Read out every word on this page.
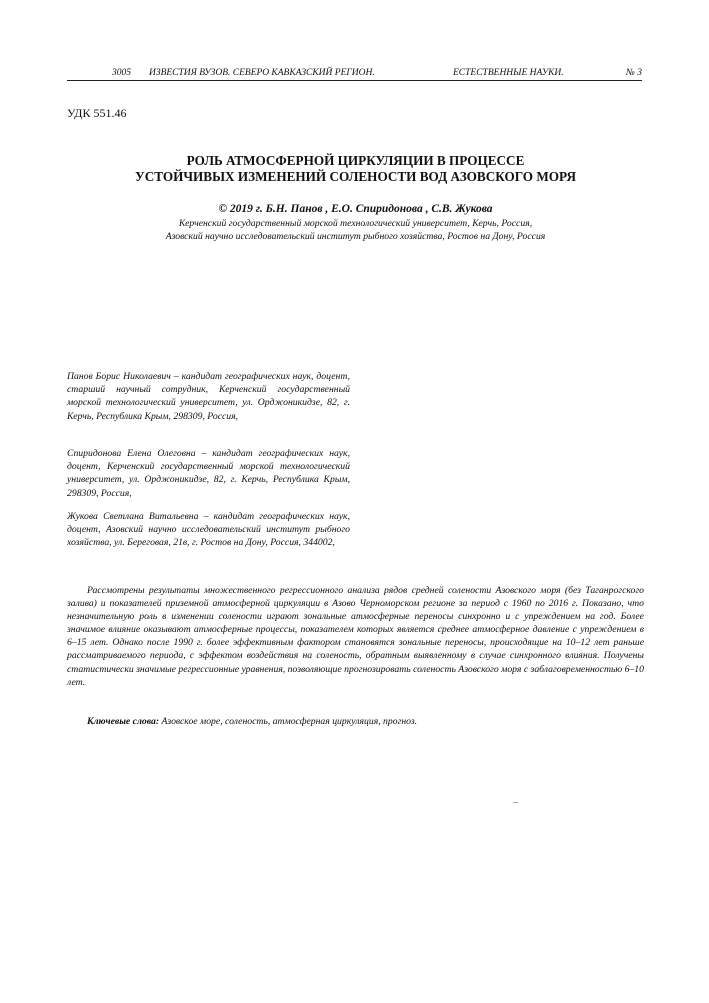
3005 ИЗВЕСТИЯ ВУЗОВ. СЕВЕРО КАВКАЗСКИЙ РЕГИОН.	ЕСТЕСТВЕННЫЕ НАУКИ.	№ 3
УДК 551.46
РОЛЬ АТМОСФЕРНОЙ ЦИРКУЛЯЦИИ В ПРОЦЕССЕ
УСТОЙЧИВЫХ ИЗМЕНЕНИЙ СОЛЕНОСТИ ВОД АЗОВСКОГО МОРЯ
© 2019 г. Б.Н. Панов , Е.О. Спиридонова , С.В. Жукова
Керченский государственный морской технологический университет, Керчь, Россия,
Азовский научно исследовательский институт рыбного хозяйства, Ростов на Дону, Россия
Панов Борис Николаевич – кандидат географических наук, доцент, старший научный сотрудник, Керченский государственный морской технологический университет, ул. Орджоникидзе, 82, г. Керчь, Республика Крым, 298309, Россия,
Спиридонова Елена Олеговна – кандидат географических наук, доцент, Керченский государственный морской технологический университет, ул. Орджоникидзе, 82, г. Керчь, Республика Крым, 298309, Россия,
Жукова Светлана Витальевна – кандидат географических наук, доцент, Азовский научно исследовательский институт рыбного хозяйства, ул. Береговая, 21в, г. Ростов на Дону, Россия, 344002,
Рассмотрены результаты множественного регрессионного анализа рядов средней солености Азовского моря (без Таганрогского залива) и показателей приземной атмосферной циркуляции в Азово Черноморском регионе за период с 1960 по 2016 г. Показано, что незначительную роль в изменении солености играют зональные атмосферные переносы синхронно и с упреждением на год. Более значимое влияние оказывают атмосферные процессы, показателем которых является среднее атмосферное давление с упреждением в 6–15 лет. Однако после 1990 г. более эффективным фактором становятся зональные переносы, происходящие на 10–12 лет раньше рассматриваемого периода, с эффектом воздействия на соленость, обратным выявленному в случае синхронного влияния. Получены статистически значимые регрессионные уравнения, позволяющие прогнозировать соленость Азовского моря с заблаговременностью 6–10 лет.
Ключевые слова: Азовское море, соленость, атмосферная циркуляция, прогноз.
–
